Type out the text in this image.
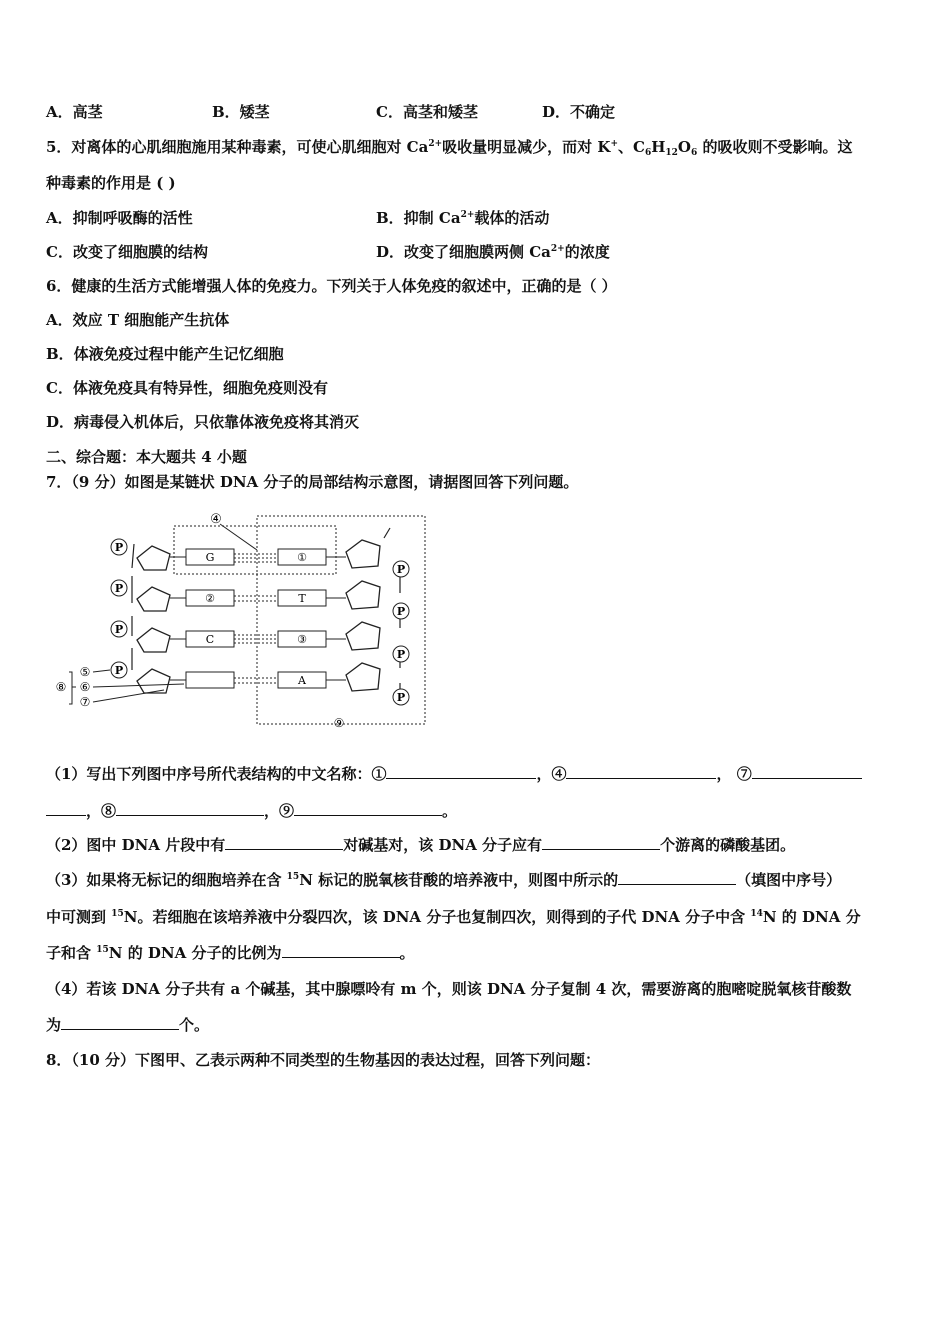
A．高茎	B．矮茎	C．高茎和矮茎	D．不确定
5．对离体的心肌细胞施用某种毒素，可使心肌细胞对 $Ca^{2+}$吸收量明显减少，而对 K+、$C_6H_{12}O_6$ 的吸收则不受影响。这
种毒素的作用是 ( )
A．抑制呼吸酶的活性	B．抑制 $Ca^{2+}$载体的活动
C．改变了细胞膜的结构	D．改变了细胞膜两侧 $Ca^{2+}$的浓度
6．健康的生活方式能增强人体的免疫力。下列关于人体免疫的叙述中，正确的是（ ）
A．效应 T 细胞能产生抗体
B．体液免疫过程中能产生记忆细胞
C．体液免疫具有特异性，细胞免疫则没有
D．病毒侵入机体后，只依靠体液免疫将其消灭
二、综合题：本大题共 4 小题
7．（9 分）如图是某链状 DNA 分子的局部结构示意图，请据图回答下列问题。
P
P
P
P
G
②
C
①
T
③
A
P
P
P
P
④
⑤
⑥
⑦
⑧
⑨
（1）写出下列图中序号所代表结构的中文名称：①	，④	， ⑦
，⑧	，⑨	。
（2）图中 DNA 片段中有	对碱基对，该 DNA 分子应有	个游离的磷酸基团。
（3）如果将无标记的细胞培养在含 $^{15}$N 标记的脱氧核苷酸的培养液中，则图中所示的	（填图中序号）
中可测到 $^{15}$N。若细胞在该培养液中分裂四次，该 DNA 分子也复制四次，则得到的子代 DNA 分子中含 $^{14}$N 的 DNA 分
子和含 $^{15}$N 的 DNA 分子的比例为	。
（4）若该 DNA 分子共有 a 个碱基，其中腺嘌呤有 m 个，则该 DNA 分子复制 4 次，需要游离的胞嘧啶脱氧核苷酸数
为	个。
8．（10 分）下图甲、乙表示两种不同类型的生物基因的表达过程，回答下列问题：
